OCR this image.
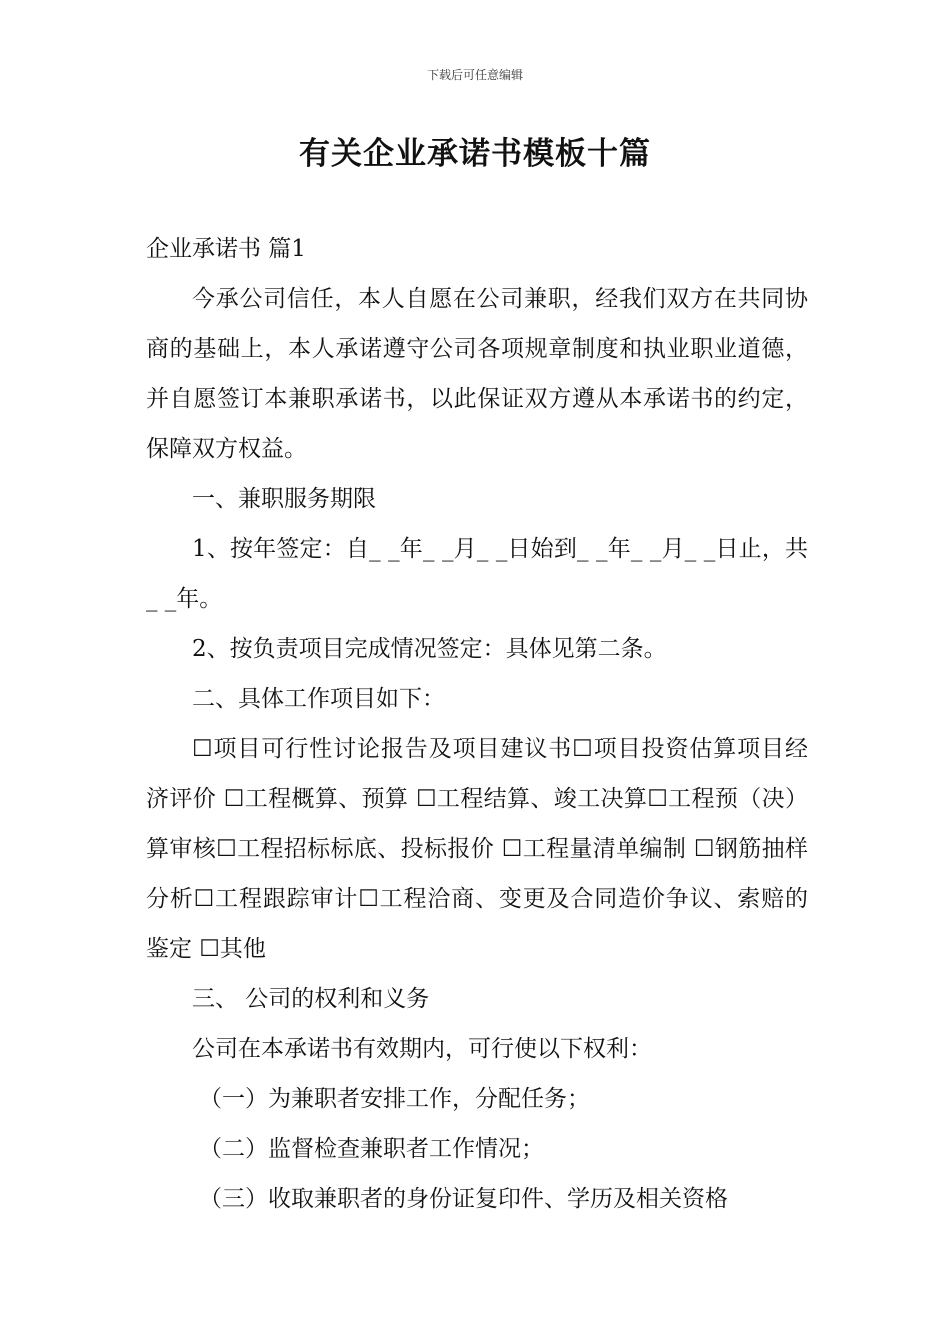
下载后可任意编辑
有关企业承诺书模板十篇

企业承诺书 篇1

今承公司信任，本人自愿在公司兼职，经我们双方在共同协商的基础上，本人承诺遵守公司各项规章制度和执业职业道德，并自愿签订本兼职承诺书，以此保证双方遵从本承诺书的约定，保障双方权益。

一、兼职服务期限

1、按年签定：自_ _年_ _月_ _日始到_ _年_ _月_ _日止，共_ _年。

2、按负责项目完成情况签定：具体见第二条。

二、具体工作项目如下：

☐项目可行性讨论报告及项目建议书☐项目投资估算项目经济评价 ☐工程概算、预算 ☐工程结算、竣工决算☐工程预（决）算审核☐工程招标标底、投标报价 ☐工程量清单编制 ☐钢筋抽样分析☐工程跟踪审计☐工程洽商、变更及合同造价争议、索赔的鉴定 ☐其他

三、 公司的权利和义务

公司在本承诺书有效期内，可行使以下权利：

（一）为兼职者安排工作，分配任务；

（二）监督检查兼职者工作情况；

（三）收取兼职者的身份证复印件、学历及相关资格
